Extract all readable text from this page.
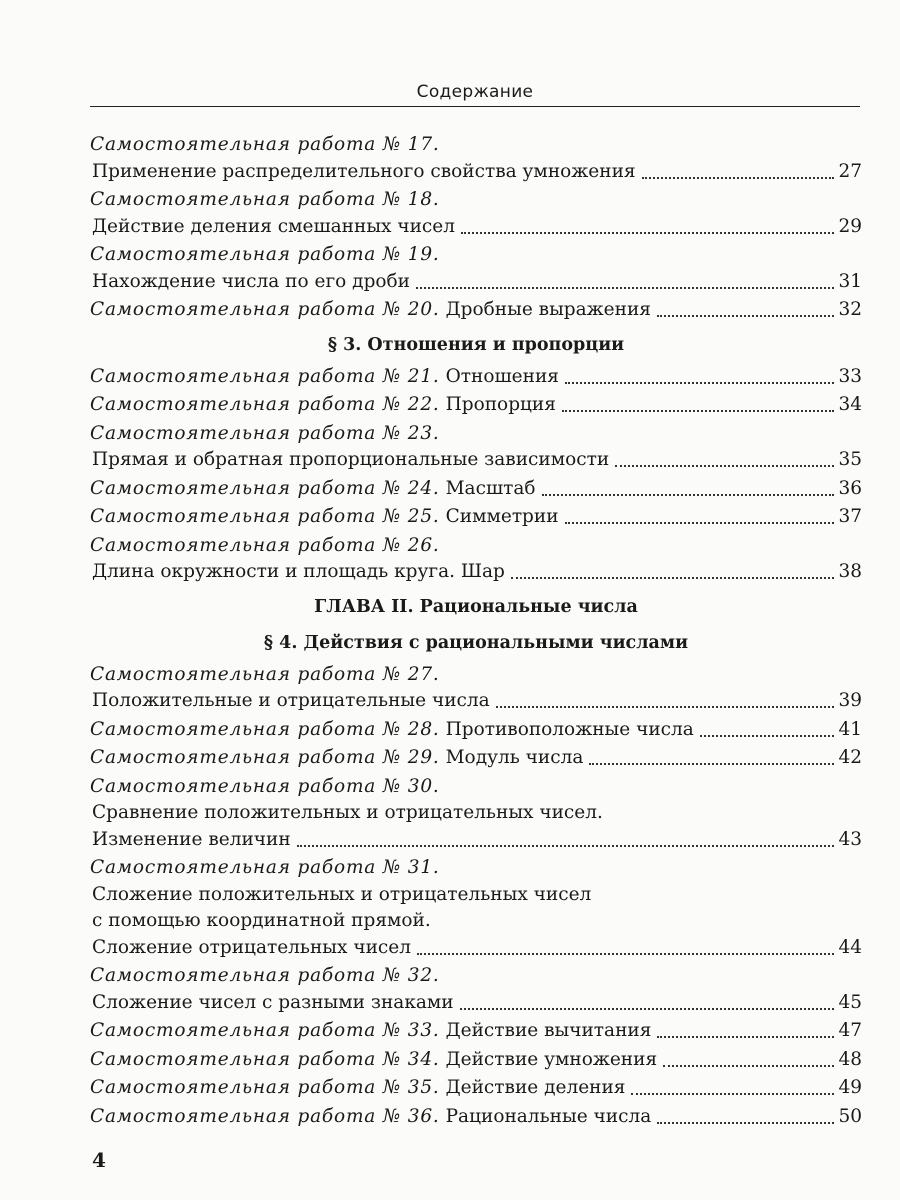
Содержание
Самостоятельная работа № 17.
Применение распределительного свойства умножения	27
Самостоятельная работа № 18.
Действие деления смешанных чисел	29
Самостоятельная работа № 19.
Нахождение числа по его дроби	31
Самостоятельная работа № 20. Дробные выражения	32
§ 3. Отношения и пропорции
Самостоятельная работа № 21. Отношения	33
Самостоятельная работа № 22. Пропорция	34
Самостоятельная работа № 23.
Прямая и обратная пропорциональные зависимости	35
Самостоятельная работа № 24. Масштаб	36
Самостоятельная работа № 25. Симметрии	37
Самостоятельная работа № 26.
Длина окружности и площадь круга. Шар	38
ГЛАВА II. Рациональные числа
§ 4. Действия с рациональными числами
Самостоятельная работа № 27.
Положительные и отрицательные числа	39
Самостоятельная работа № 28. Противоположные числа	41
Самостоятельная работа № 29. Модуль числа	42
Самостоятельная работа № 30.
Сравнение положительных и отрицательных чисел.
Изменение величин	43
Самостоятельная работа № 31.
Сложение положительных и отрицательных чисел
с помощью координатной прямой.
Сложение отрицательных чисел	44
Самостоятельная работа № 32.
Сложение чисел с разными знаками	45
Самостоятельная работа № 33. Действие вычитания	47
Самостоятельная работа № 34. Действие умножения	48
Самостоятельная работа № 35. Действие деления	49
Самостоятельная работа № 36. Рациональные числа	50
4
